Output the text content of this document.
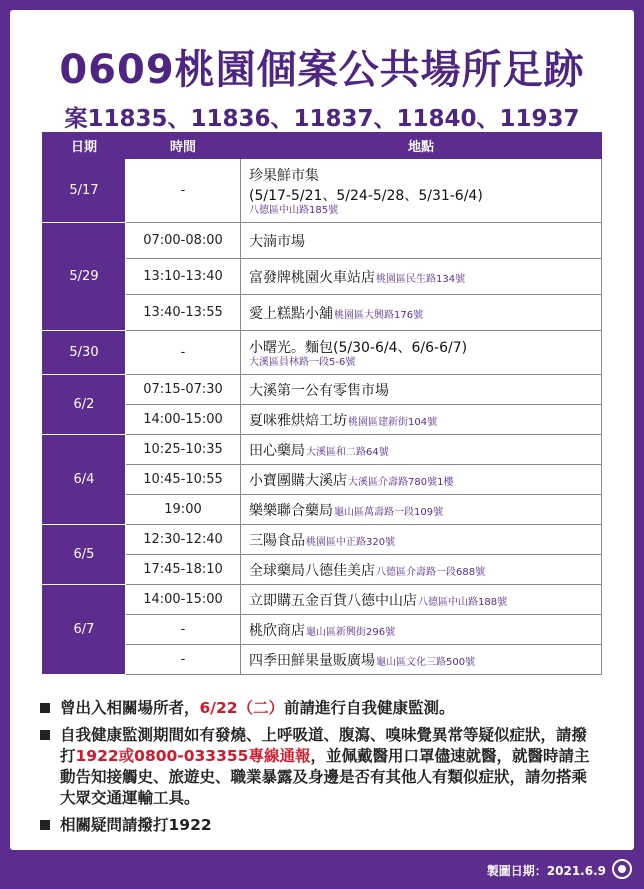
0609桃園個案公共場所足跡
案11835、11836、11837、11840、11937
日期	時間	地點
5/17	-	珍果鮮市集
(5/17-5/21、5/24-5/28、5/31-6/4)
八德區中山路185號

5/29	07:00-08:00	大湳市場
	13:10-13:40	富發牌桃園火車站店桃園區民生路134號
	13:40-13:55	愛上糕點小舖桃園區大興路176號
5/30	-	小曙光。麵包(5/30-6/4、6/6-6/7)
大溪區員林路一段5-6號

6/2	07:15-07:30	大溪第一公有零售市場
	14:00-15:00	夏咪雅烘焙工坊桃園區建新街104號
6/4	10:25-10:35	田心藥局大溪區和二路64號
	10:45-10:55	小寶團購大溪店大溪區介壽路780號1樓
	19:00	樂樂聯合藥局龜山區萬壽路一段109號
6/5	12:30-12:40	三陽食品桃園區中正路320號
	17:45-18:10	全球藥局八德佳美店八德區介壽路一段688號
6/7	14:00-15:00	立即購五金百貨八德中山店八德區中山路188號
	-	桃欣商店龜山區新興街296號
	-	四季田鮮果量販廣場龜山區文化三路500號
曾出入相關場所者，6/22（二）前請進行自我健康監測。
自我健康監測期間如有發燒、上呼吸道、腹瀉、嗅味覺異常等疑似症狀，請撥打1922或0800-033355專線通報，並佩戴醫用口罩儘速就醫，就醫時請主動告知接觸史、旅遊史、職業暴露及身邊是否有其他人有類似症狀，請勿搭乘大眾交通運輸工具。
相關疑問請撥打1922
製圖日期：2021.6.9
